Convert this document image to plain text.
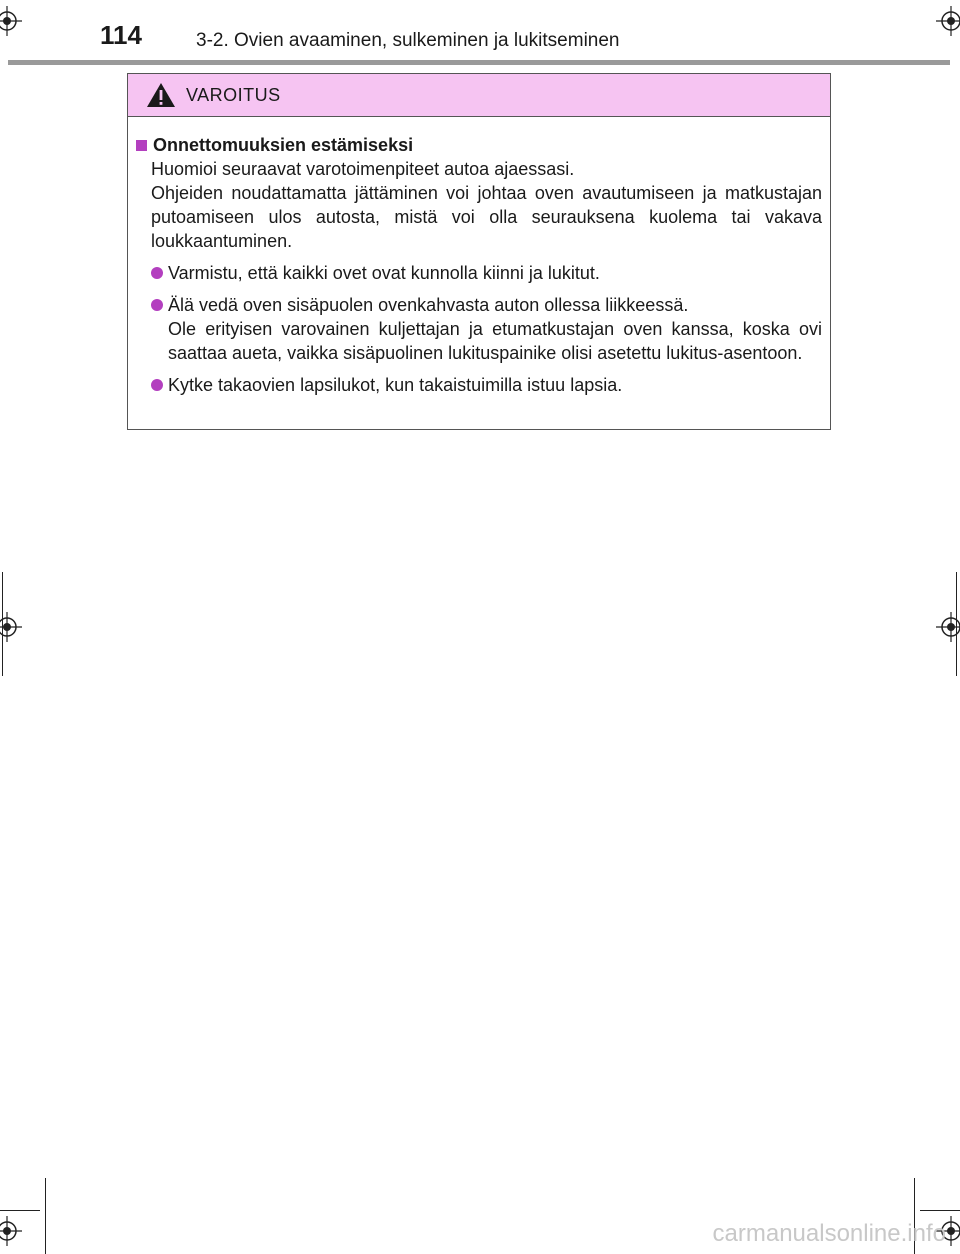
114	3-2. Ovien avaaminen, sulkeminen ja lukitseminen
VAROITUS
Onnettomuuksien estämiseksi
Huomioi seuraavat varotoimenpiteet autoa ajaessasi.
Ohjeiden noudattamatta jättäminen voi johtaa oven avautumiseen ja matkustajan putoamiseen ulos autosta, mistä voi olla seurauksena kuolema tai vakava loukkaantuminen.
Varmistu, että kaikki ovet ovat kunnolla kiinni ja lukitut.
Älä vedä oven sisäpuolen ovenkahvasta auton ollessa liikkeessä.
Ole erityisen varovainen kuljettajan ja etumatkustajan oven kanssa, koska ovi saattaa aueta, vaikka sisäpuolinen lukituspainike olisi asetettu lukitus-asentoon.
Kytke takaovien lapsilukot, kun takaistuimilla istuu lapsia.
carmanualsonline.info
